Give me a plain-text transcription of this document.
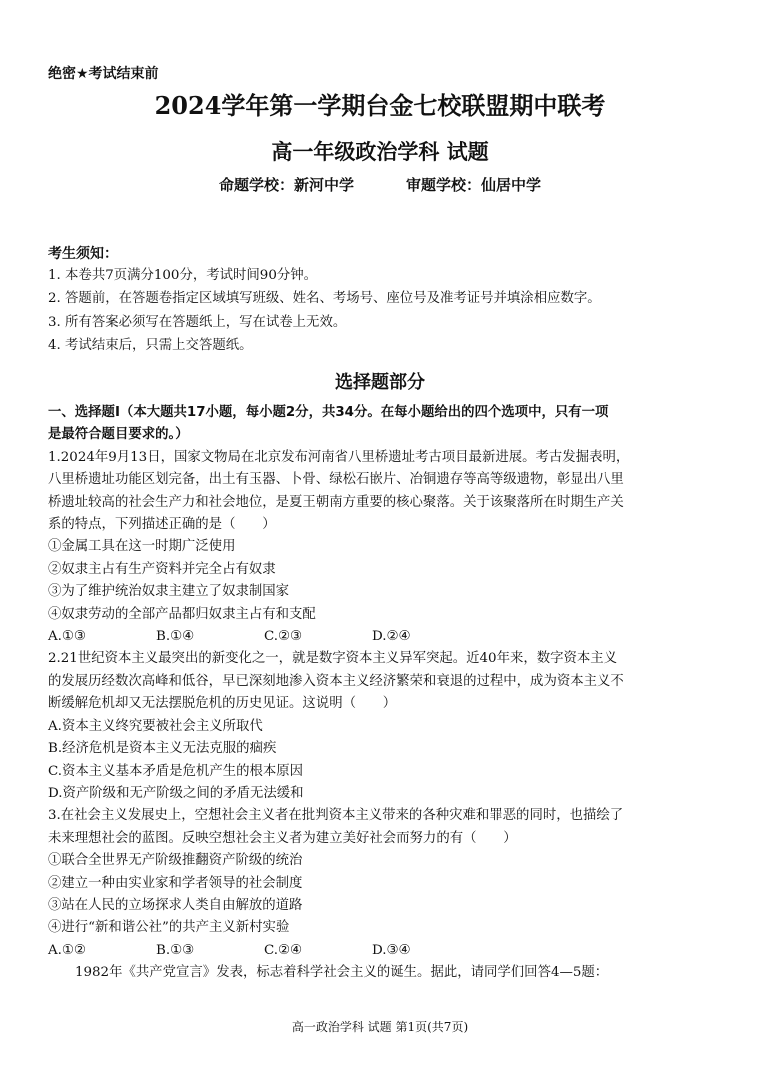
绝密★考试结束前
2024学年第一学期台金七校联盟期中联考
高一年级政治学科 试题
命题学校：新河中学	审题学校：仙居中学
考生须知：
1. 本卷共7页满分100分，考试时间90分钟。
2. 答题前，在答题卷指定区域填写班级、姓名、考场号、座位号及准考证号并填涂相应数字。
3. 所有答案必须写在答题纸上，写在试卷上无效。
4. 考试结束后，只需上交答题纸。
选择题部分
一、选择题Ⅰ（本大题共17小题，每小题2分，共34分。在每小题给出的四个选项中，只有一项
是最符合题目要求的。）
1.2024年9月13日，国家文物局在北京发布河南省八里桥遗址考古项目最新进展。考古发掘表明，
八里桥遗址功能区划完备，出土有玉器、卜骨、绿松石嵌片、冶铜遗存等高等级遗物，彰显出八里
桥遗址较高的社会生产力和社会地位，是夏王朝南方重要的核心聚落。关于该聚落所在时期生产关
系的特点，下列描述正确的是（　　）
①金属工具在这一时期广泛使用
②奴隶主占有生产资料并完全占有奴隶
③为了维护统治奴隶主建立了奴隶制国家
④奴隶劳动的全部产品都归奴隶主占有和支配
A.①③	B.①④	C.②③	D.②④
2.21世纪资本主义最突出的新变化之一，就是数字资本主义异军突起。近40年来，数字资本主义
的发展历经数次高峰和低谷，早已深刻地渗入资本主义经济繁荣和衰退的过程中，成为资本主义不
断缓解危机却又无法摆脱危机的历史见证。这说明（　　）
A.资本主义终究要被社会主义所取代
B.经济危机是资本主义无法克服的痼疾
C.资本主义基本矛盾是危机产生的根本原因
D.资产阶级和无产阶级之间的矛盾无法缓和
3.在社会主义发展史上，空想社会主义者在批判资本主义带来的各种灾难和罪恶的同时，也描绘了
未来理想社会的蓝图。反映空想社会主义者为建立美好社会而努力的有（　　）
①联合全世界无产阶级推翻资产阶级的统治
②建立一种由实业家和学者领导的社会制度
③站在人民的立场探求人类自由解放的道路
④进行“新和谐公社”的共产主义新村实验
A.①②	B.①③	C.②④	D.③④
1982年《共产党宣言》发表，标志着科学社会主义的诞生。据此，请同学们回答4—5题：
高一政治学科 试题 第1页(共7页)
